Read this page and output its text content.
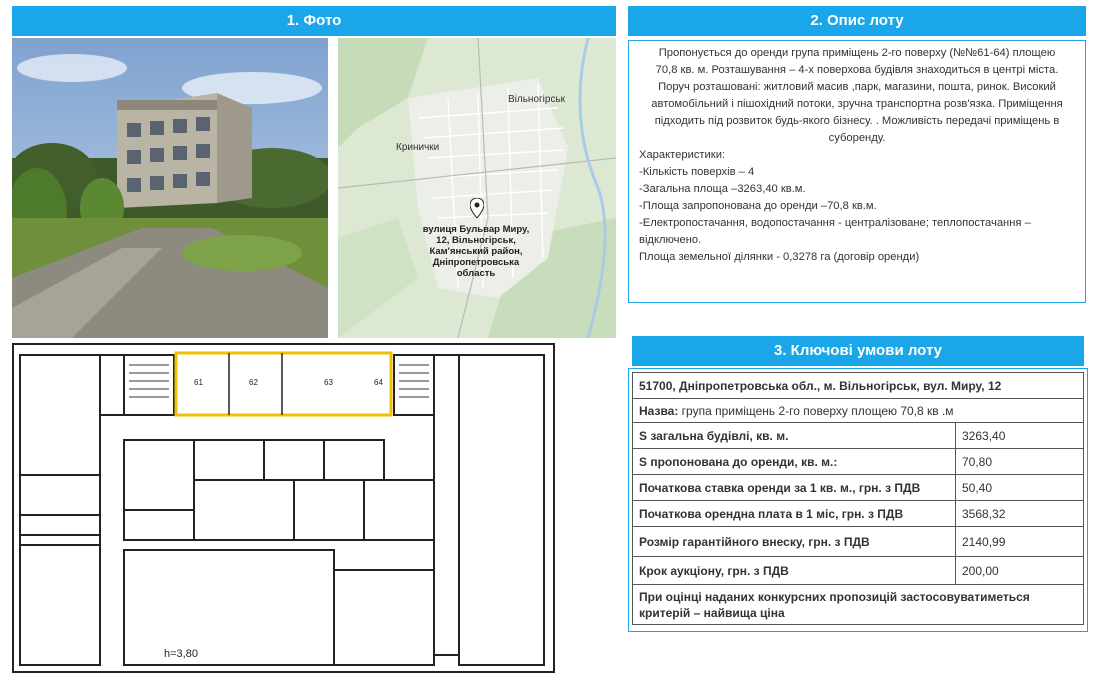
1. Фото	2. Опис лоту
Вільногірськ
Кринички
вулиця Бульвар Миру,
12, Вільногірськ,
Кам'янський район,
Дніпропетровська
область
Пропонується до оренди група приміщень 2-го поверху (№№61-64) площею
70,8 кв. м. Розташування – 4-х поверхова будівля знаходиться в центрі міста.
Поруч розташовані: житловий масив ,парк, магазини, пошта, ринок. Високий
автомобільний і пішохідний потоки, зручна транспортна розв'язка. Приміщення
підходить під розвиток будь-якого бізнесу. . Можливість передачі приміщень в
суборенду.
Характеристики:
-Кількість поверхів – 4
-Загальна площа –3263,40 кв.м.
-Площа запропонована до оренди –70,8 кв.м.
-Електропостачання, водопостачання - централізоване; теплопостачання –
відключено.
Площа земельної ділянки - 0,3278 га (договір оренди)
61	62	63	64
h=3,80
3. Ключові умови лоту
51700, Дніпропетровська обл., м. Вільногірськ, вул. Миру, 12	
Назва: група приміщень 2-го поверху площею 70,8 кв .м	
S загальна будівлі, кв. м.	3263,40
S пропонована до оренди, кв. м.:	70,80
Початкова ставка оренди за 1 кв. м., грн. з ПДВ	50,40
Початкова орендна плата в 1 міс, грн. з ПДВ	3568,32
Розмір гарантійного внеску, грн. з ПДВ	2140,99
Крок аукціону, грн. з ПДВ	200,00
При оцінці наданих конкурсних пропозицій застосовуватиметься критерій – найвища ціна	
